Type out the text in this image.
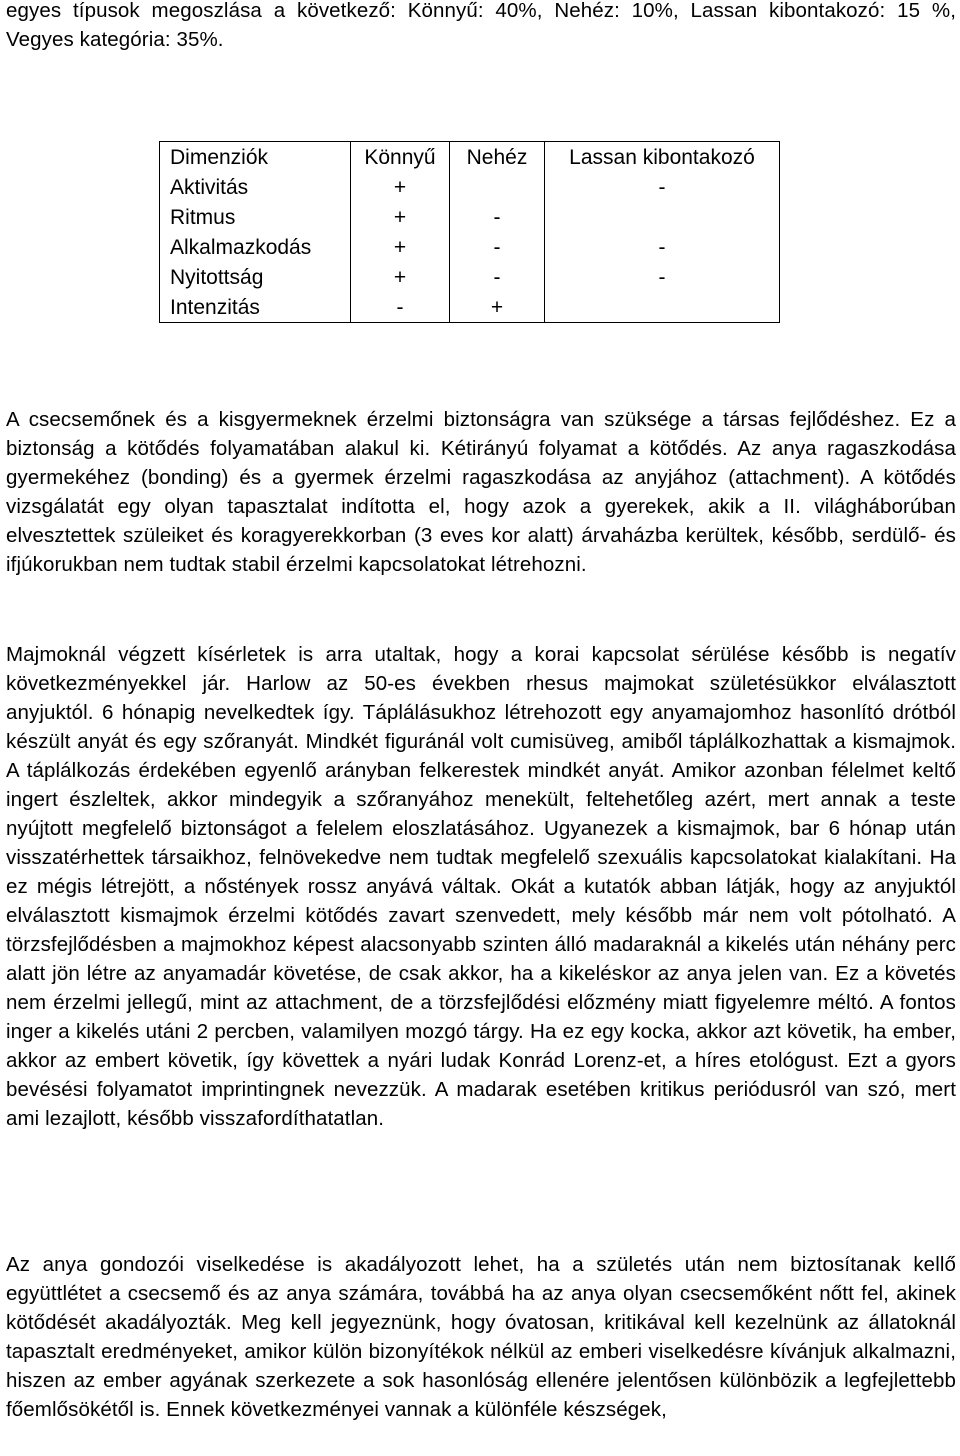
egyes típusok megoszlása a következő: Könnyű: 40%, Nehéz: 10%, Lassan kibontakozó: 15 %, Vegyes kategória: 35%.

Dimenziók	Könnyű	Nehéz	Lassan kibontakozó
Aktivitás	+		-
Ritmus	+	-	
Alkalmazkodás	+	-	-
Nyitottság	+	-	-
Intenzitás	-	+	

A csecsemőnek és a kisgyermeknek érzelmi biztonságra van szüksége a társas fejlődéshez. Ez a biztonság a kötődés folyamatában alakul ki. Kétirányú folyamat a kötődés. Az anya ragaszkodása gyermekéhez (bonding) és a gyermek érzelmi ragaszkodása az anyjához (attachment). A kötődés vizsgálatát egy olyan tapasztalat indította el, hogy azok a gyerekek, akik a II. világháborúban elvesztettek szüleiket és koragyerekkorban (3 eves kor alatt) árvaházba kerültek, később, serdülő- és ifjúkorukban nem tudtak stabil érzelmi kapcsolatokat létrehozni.

Majmoknál végzett kísérletek is arra utaltak, hogy a korai kapcsolat sérülése később is negatív következményekkel jár. Harlow az 50-es években rhesus majmokat születésükkor elválasztott anyjuktól. 6 hónapig nevelkedtek így. Táplálásukhoz létrehozott egy anyamajomhoz hasonlító drótból készült anyát és egy szőranyát. Mindkét figuránál volt cumisüveg, amiből táplálkozhattak a kismajmok. A táplálkozás érdekében egyenlő arányban felkerestek mindkét anyát. Amikor azonban félelmet keltő ingert észleltek, akkor mindegyik a szőranyához menekült, feltehetőleg azért, mert annak a teste nyújtott megfelelő biztonságot a felelem eloszlatásához. Ugyanezek a kismajmok, bar 6 hónap után visszatérhettek társaikhoz, felnövekedve nem tudtak megfelelő szexuális kapcsolatokat kialakítani. Ha ez mégis létrejött, a nőstények rossz anyává váltak. Okát a kutatók abban látják, hogy az anyjuktól elválasztott kismajmok érzelmi kötődés zavart szenvedett, mely később már nem volt pótolható. A törzsfejlődésben a majmokhoz képest alacsonyabb szinten álló madaraknál a kikelés után néhány perc alatt jön létre az anyamadár követése, de csak akkor, ha a kikeléskor az anya jelen van. Ez a követés nem érzelmi jellegű, mint az attachment, de a törzsfejlődési előzmény miatt figyelemre méltó. A fontos inger a kikelés utáni 2 percben, valamilyen mozgó tárgy. Ha ez egy kocka, akkor azt követik, ha ember, akkor az embert követik, így követtek a nyári ludak Konrád Lorenz-et, a híres etológust. Ezt a gyors bevésési folyamatot imprintingnek nevezzük. A madarak esetében kritikus periódusról van szó, mert ami lezajlott, később visszafordíthatatlan.

Az anya gondozói viselkedése is akadályozott lehet, ha a születés után nem biztosítanak kellő együttlétet a csecsemő és az anya számára, továbbá ha az anya olyan csecsemőként nőtt fel, akinek kötődését akadályozták. Meg kell jegyeznünk, hogy óvatosan, kritikával kell kezelnünk az állatoknál tapasztalt eredményeket, amikor külön bizonyítékok nélkül az emberi viselkedésre kívánjuk alkalmazni, hiszen az ember agyának szerkezete a sok hasonlóság ellenére jelentősen különbözik a legfejlettebb főemlősökétől is. Ennek következményei vannak a különféle készségek,
